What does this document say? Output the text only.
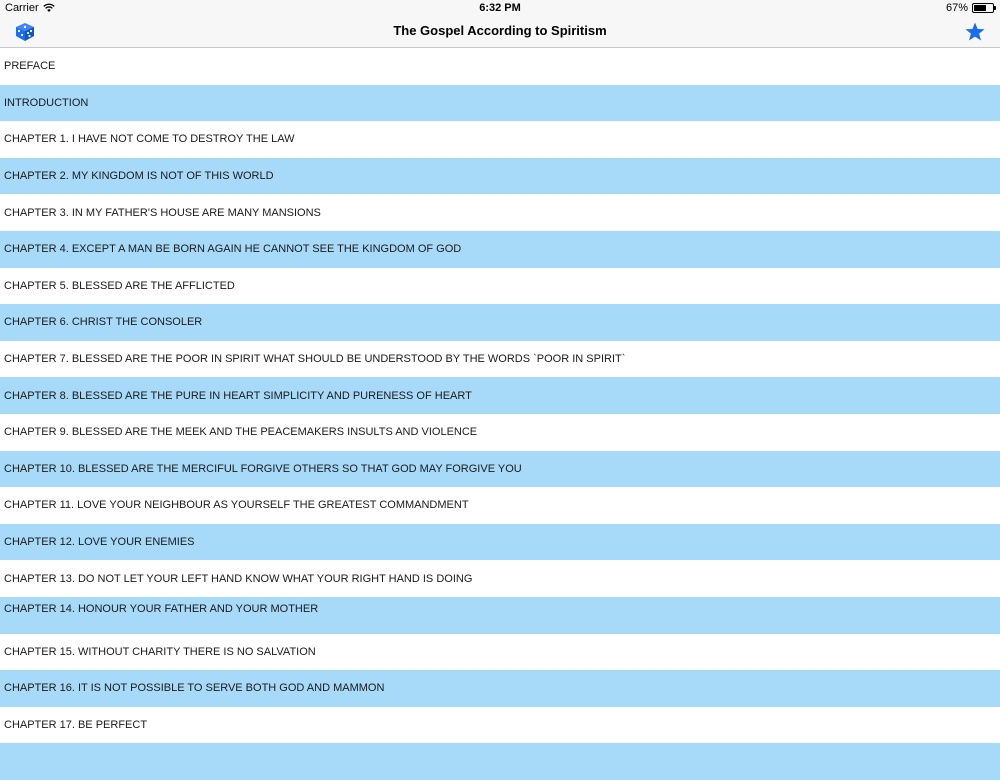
Carrier	6:32 PM	67%
The Gospel According to Spiritism
PREFACE
INTRODUCTION
CHAPTER 1. I HAVE NOT COME TO DESTROY THE LAW
CHAPTER 2. MY KINGDOM IS NOT OF THIS WORLD
CHAPTER 3. IN MY FATHER'S HOUSE ARE MANY MANSIONS
CHAPTER 4. EXCEPT A MAN BE BORN AGAIN HE CANNOT SEE THE KINGDOM OF GOD
CHAPTER 5. BLESSED ARE THE AFFLICTED
CHAPTER 6. CHRIST THE CONSOLER
CHAPTER 7. BLESSED ARE THE POOR IN SPIRIT WHAT SHOULD BE UNDERSTOOD BY THE WORDS `POOR IN SPIRIT`
CHAPTER 8. BLESSED ARE THE PURE IN HEART SIMPLICITY AND PURENESS OF HEART
CHAPTER 9. BLESSED ARE THE MEEK AND THE PEACEMAKERS INSULTS AND VIOLENCE
CHAPTER 10. BLESSED ARE THE MERCIFUL FORGIVE OTHERS SO THAT GOD MAY FORGIVE YOU
CHAPTER 11. LOVE YOUR NEIGHBOUR AS YOURSELF THE GREATEST COMMANDMENT
CHAPTER 12. LOVE YOUR ENEMIES
CHAPTER 13. DO NOT LET YOUR LEFT HAND KNOW WHAT YOUR RIGHT HAND IS DOING
CHAPTER 14. HONOUR YOUR FATHER AND YOUR MOTHER
CHAPTER 15. WITHOUT CHARITY THERE IS NO SALVATION
CHAPTER 16. IT IS NOT POSSIBLE TO SERVE BOTH GOD AND MAMMON
CHAPTER 17. BE PERFECT
